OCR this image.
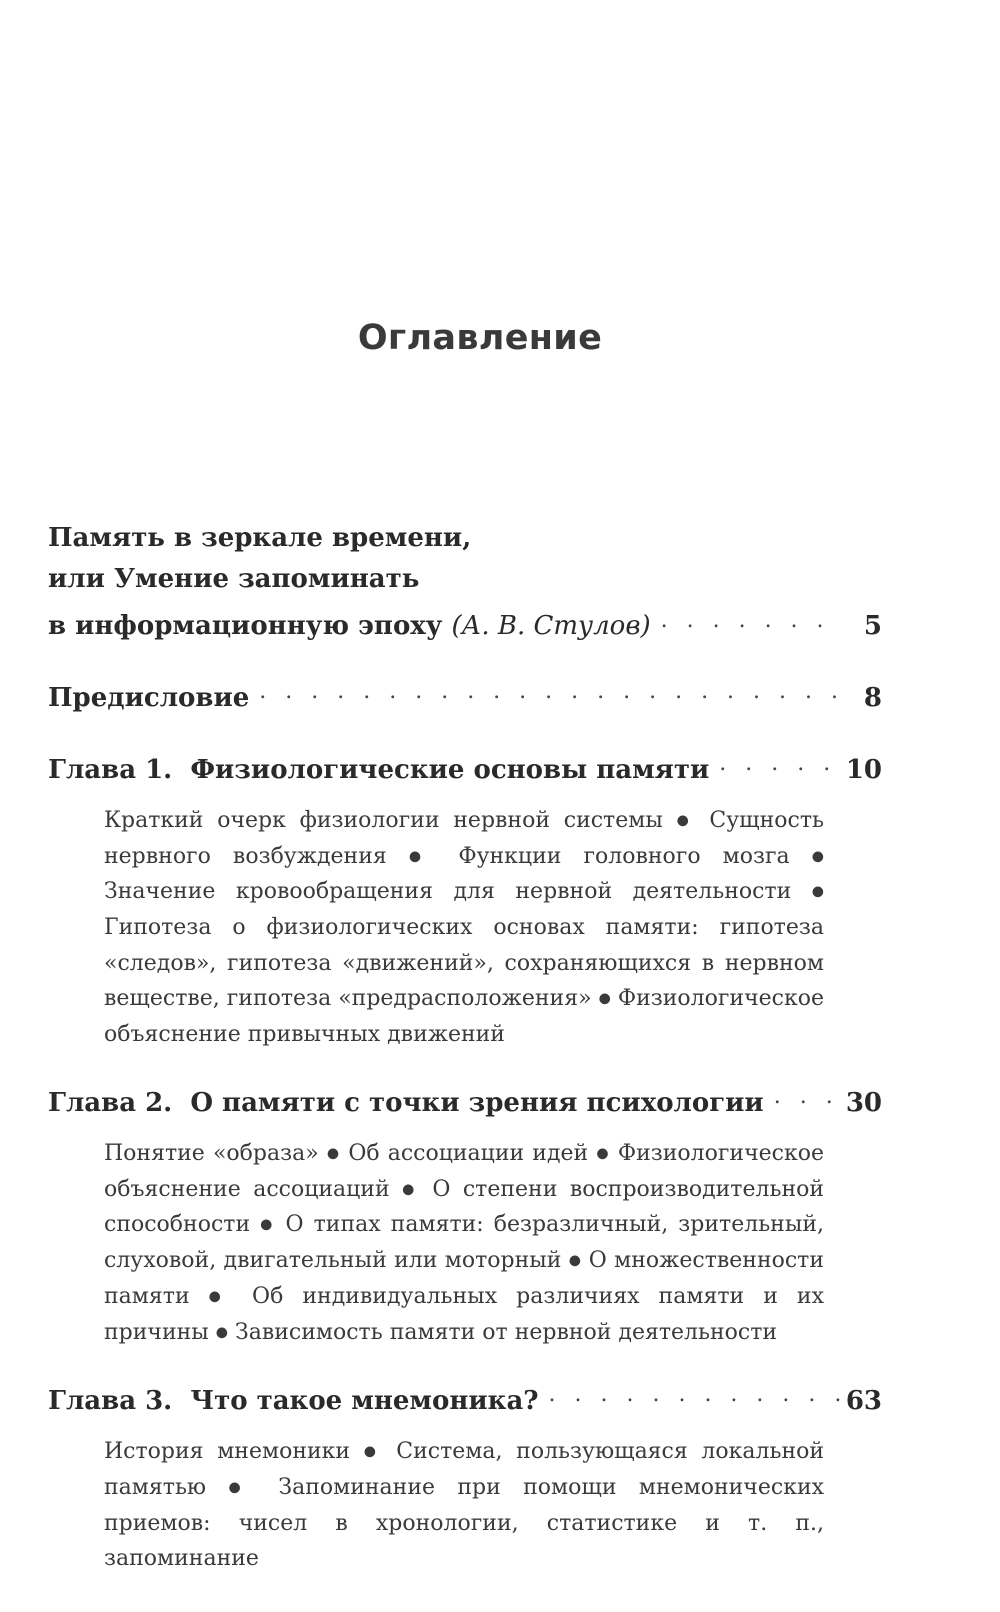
Оглавление
Память в зеркале времени,
или Умение запоминать
в информационную эпоху (А. В. Стулов) . . .	5
Предисловие . . .	8
Глава 1. Физиологические основы памяти . . .	10
Краткий очерк физиологии нервной системы ● Сущность нервного возбуждения ● Функции головного мозга ● Значение кровообращения для нервной деятельности ● Гипотеза о физиологических основах памяти: гипотеза «следов», гипотеза «движений», сохраняющихся в нервном веществе, гипотеза «предрасположения» ● Физиологическое объяснение привычных движений
Глава 2. О памяти с точки зрения психологии . . .	30
Понятие «образа» ● Об ассоциации идей ● Физиологическое объяснение ассоциаций ● О степени воспроизводительной способности ● О типах памяти: безразличный, зрительный, слуховой, двигательный или моторный ● О множественности памяти ● Об индивидуальных различиях памяти и их причины ● Зависимость памяти от нервной деятельности
Глава 3. Что такое мнемоника? . . .	63
История мнемоники ● Система, пользующаяся локальной памятью ● Запоминание при помощи мнемонических приемов: чисел в хронологии, статистике и т. п., запоминание
